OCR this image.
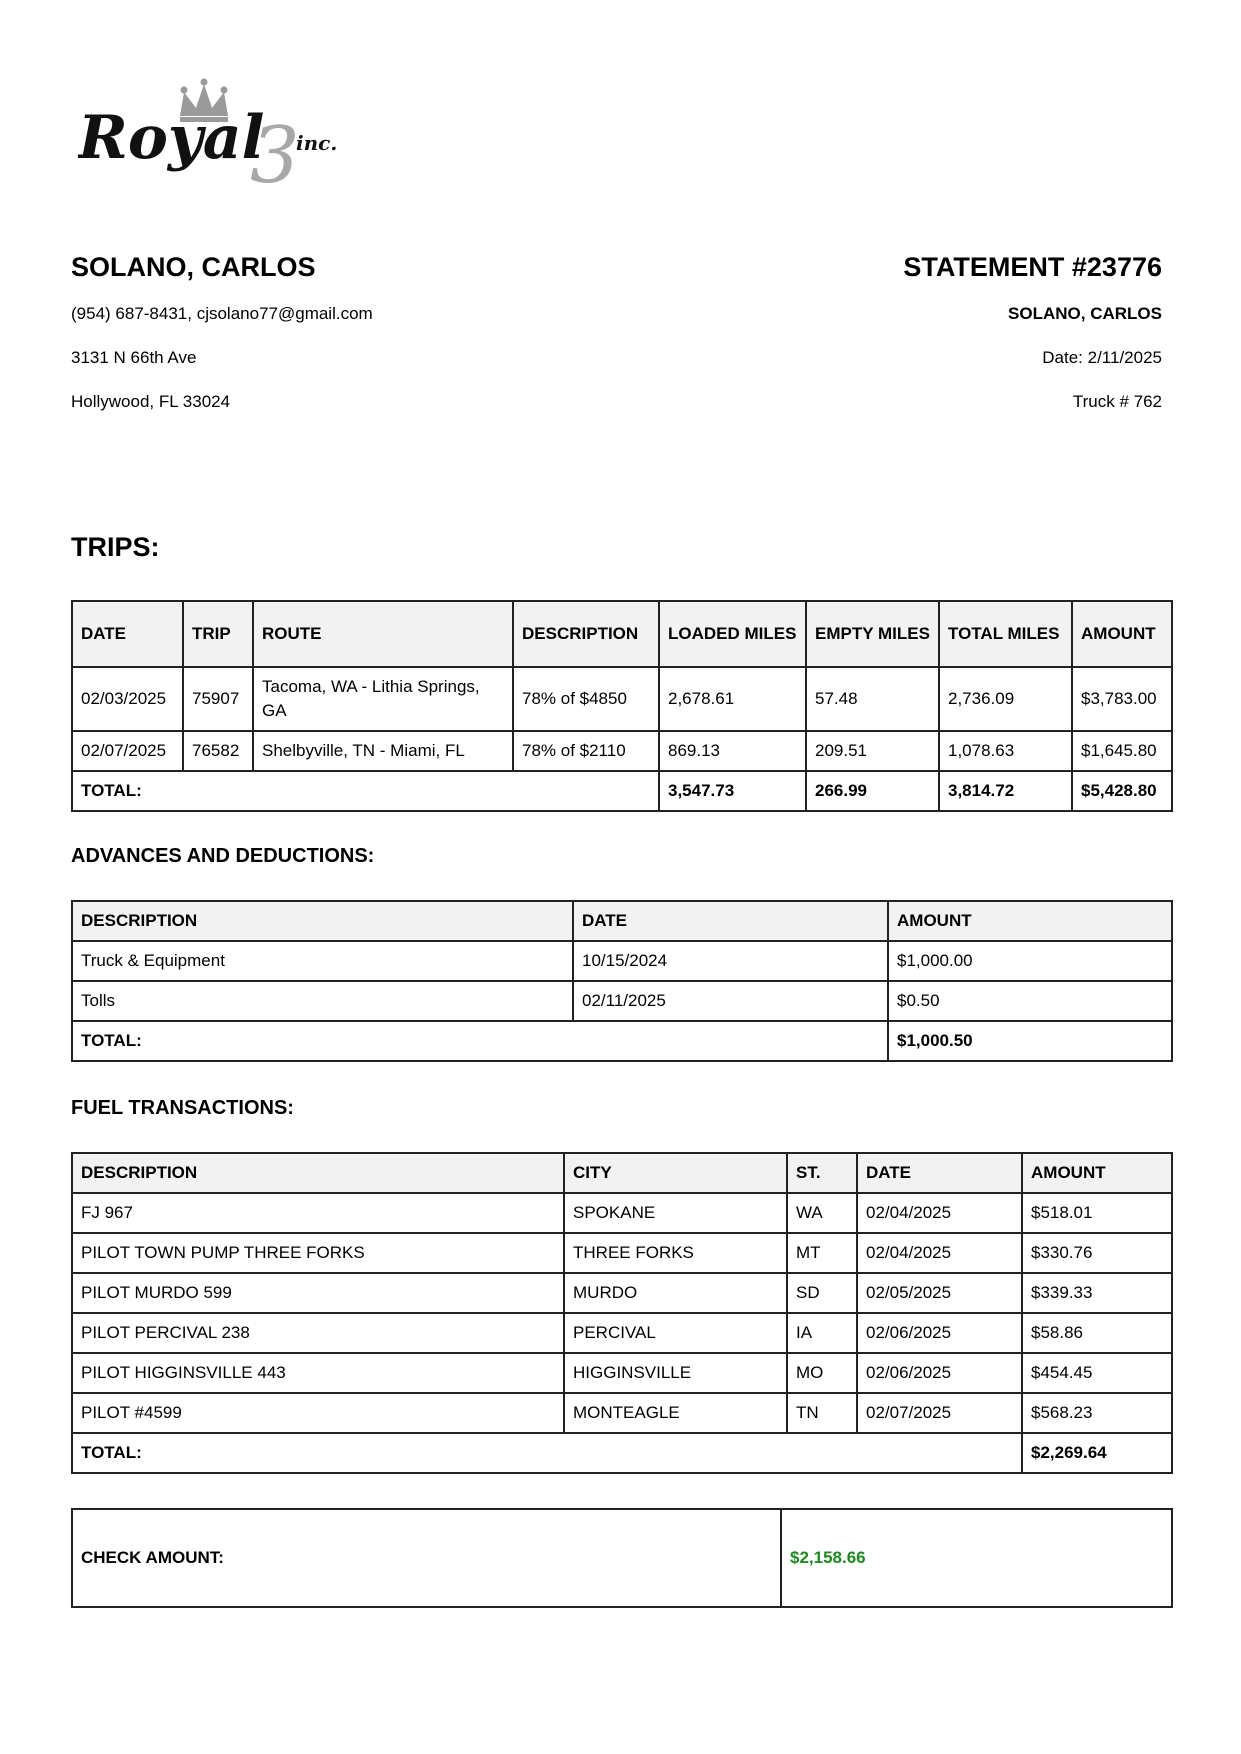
3
Royal inc.
SOLANO, CARLOS
(954) 687-8431, cjsolano77@gmail.com
3131 N 66th Ave
Hollywood, FL 33024
STATEMENT #23776
SOLANO, CARLOS
Date: 2/11/2025
Truck # 762
TRIPS:
DATE	TRIP	ROUTE	DESCRIPTION	LOADED MILES	EMPTY MILES	TOTAL MILES	AMOUNT
02/03/2025	75907	Tacoma, WA - Lithia Springs, GA	78% of $4850	2,678.61	57.48	2,736.09	$3,783.00
02/07/2025	76582	Shelbyville, TN - Miami, FL	78% of $2110	869.13	209.51	1,078.63	$1,645.80
TOTAL:				3,547.73	266.99	3,814.72	$5,428.80
ADVANCES AND DEDUCTIONS:
DESCRIPTION	DATE	AMOUNT
Truck & Equipment	10/15/2024	$1,000.00
Tolls	02/11/2025	$0.50
TOTAL:		$1,000.50
FUEL TRANSACTIONS:
DESCRIPTION	CITY	ST.	DATE	AMOUNT
FJ 967	SPOKANE	WA	02/04/2025	$518.01
PILOT TOWN PUMP THREE FORKS	THREE FORKS	MT	02/04/2025	$330.76
PILOT MURDO 599	MURDO	SD	02/05/2025	$339.33
PILOT PERCIVAL 238	PERCIVAL	IA	02/06/2025	$58.86
PILOT HIGGINSVILLE 443	HIGGINSVILLE	MO	02/06/2025	$454.45
PILOT #4599	MONTEAGLE	TN	02/07/2025	$568.23
TOTAL:				$2,269.64
CHECK AMOUNT:	$2,158.66
